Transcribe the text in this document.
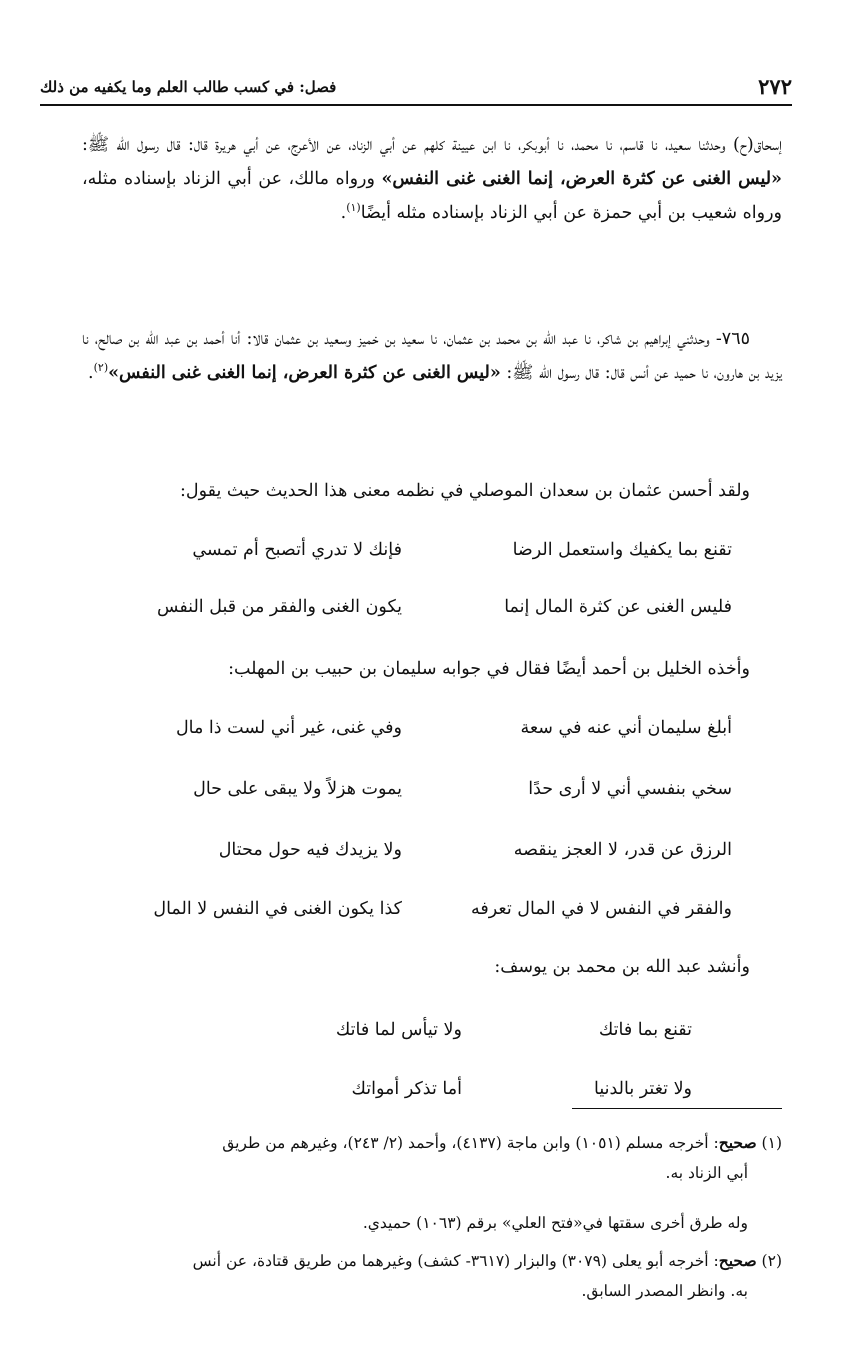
٢٧٢
فصل: في كسب طالب العلم وما يكفيه من ذلك

إسحاق(ح) وحدثنا سعيد، نا قاسم، نا محمد، نا أبوبكر، نا ابن عيينة كلهم عن أبي الزناد، عن الأعرج، عن أبي هريرة قال: قال رسول الله ﷺ: «ليس الغنى عن كثرة العرض، إنما الغنى غنى النفس» ورواه مالك، عن أبي الزناد بإسناده مثله، ورواه شعيب بن أبي حمزة عن أبي الزناد بإسناده مثله أيضًا$^{(١)}$.

٧٦٥- وحدثني إبراهيم بن شاكر، نا عبد الله بن محمد بن عثمان، نا سعيد بن خميز وسعيد بن عثمان قالا: أنا أحمد بن عبد الله بن صالح، نا يزيد بن هارون، نا حميد عن أنس قال: قال رسول الله ﷺ: «ليس الغنى عن كثرة العرض، إنما الغنى غنى النفس»$^{(٢)}$.

ولقد أحسن عثمان بن سعدان الموصلي في نظمه معنى هذا الحديث حيث يقول:

تقنع بما يكفيك واستعمل الرضا
فإنك لا تدري أتصبح أم تمسي
فليس الغنى عن كثرة المال إنما
يكون الغنى والفقر من قبل النفس

وأخذه الخليل بن أحمد أيضًا فقال في جوابه سليمان بن حبيب بن المهلب:

أبلغ سليمان أني عنه في سعة
وفي غنى، غير أني لست ذا مال
سخي بنفسي أني لا أرى حدًا
يموت هزلاً ولا يبقى على حال
الرزق عن قدر، لا العجز ينقصه
ولا يزيدك فيه حول محتال
والفقر في النفس لا في المال تعرفه
كذا يكون الغنى في النفس لا المال

وأنشد عبد الله بن محمد بن يوسف:

تقنع بما فاتك
ولا تيأس لما فاتك
ولا تغتر بالدنيا
أما تذكر أمواتك

(١) صحيح: أخرجه مسلم (١٠٥١) وابن ماجة (٤١٣٧)، وأحمد (٢/ ٢٤٣)، وغيرهم من طريق
أبي الزناد به.

وله طرق أخرى سقتها في«فتح العلي» برقم (١٠٦٣) حميدي.

(٢) صحيح: أخرجه أبو يعلى (٣٠٧٩) والبزار (٣٦١٧- كشف) وغيرهما من طريق قتادة، عن أنس
به. وانظر المصدر السابق.
